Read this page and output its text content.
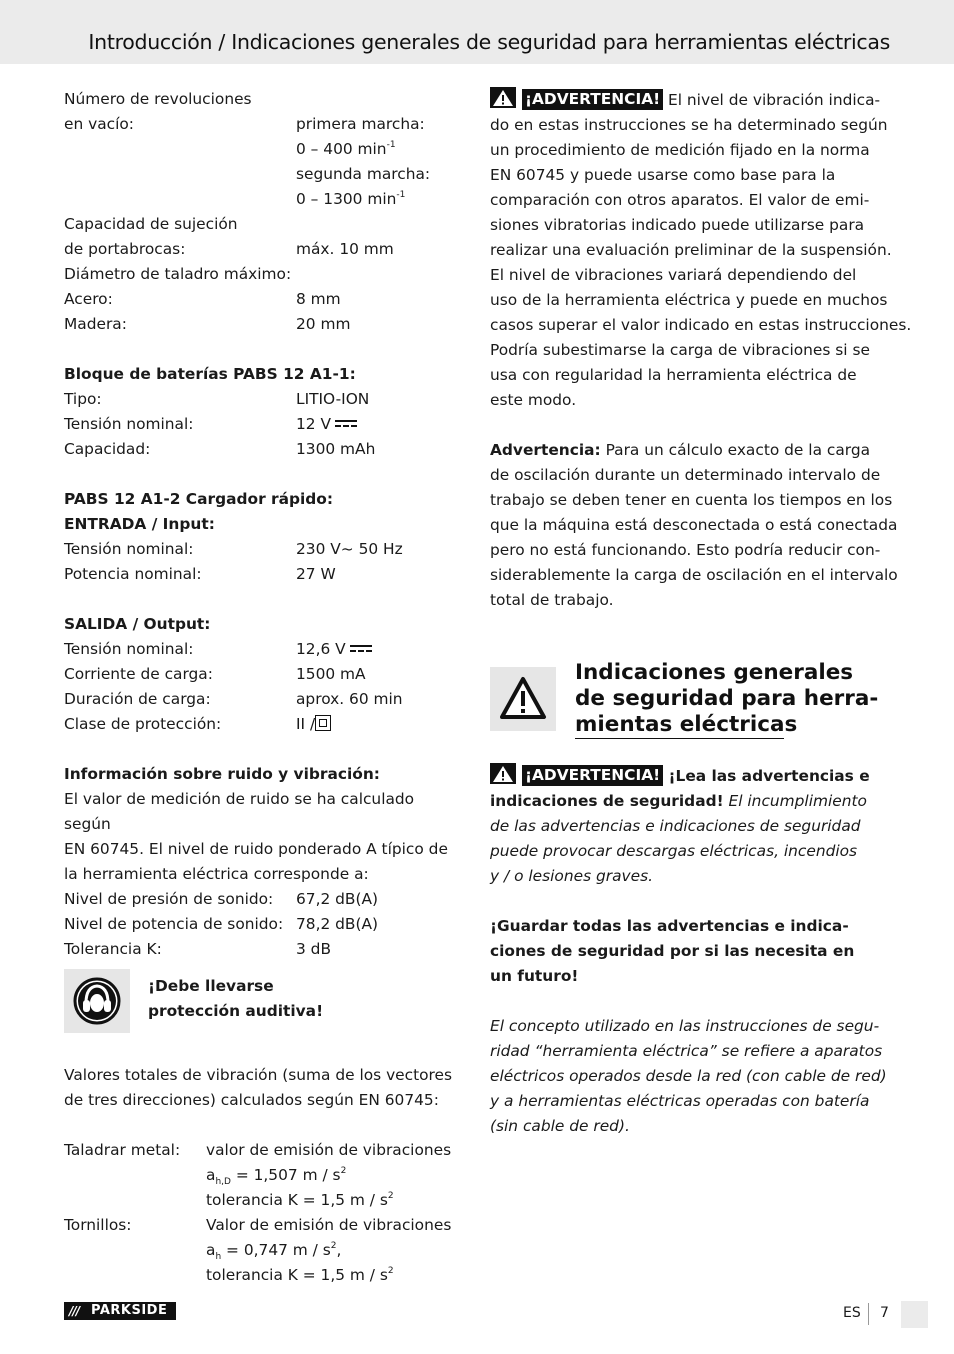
Introducción / Indicaciones generales de seguridad para herramientas eléctricas
Número de revoluciones
en vacío:	primera marcha:
0 – 400 $\min^{-1}$
segunda marcha:
0 – 1300 $\min^{-1}$
Capacidad de sujeción
de portabrocas:	máx. 10 mm
Diámetro de taladro máximo:
Acero:	8 mm
Madera:	20 mm
Bloque de baterías PABS 12 A1-1:
Tipo:	LITIO-ION
Tensión nominal:	12 V
Capacidad:	1300 mAh
PABS 12 A1-2 Cargador rápido:
ENTRADA / Input:
Tensión nominal:	230 V~ 50 Hz
Potencia nominal:	27 W
SALIDA / Output:
Tensión nominal:	12,6 V
Corriente de carga:	1500 mA
Duración de carga:	aprox. 60 min
Clase de protección:	II /
Información sobre ruido y vibración:
El valor de medición de ruido se ha calculado según
EN 60745. El nivel de ruido ponderado A típico de
la herramienta eléctrica corresponde a:
Nivel de presión de sonido: 67,2 dB(A)
Nivel de potencia de sonido: 78,2 dB(A)
Tolerancia K:	3 dB
¡Debe llevarse
protección auditiva!
Valores totales de vibración (suma de los vectores
de tres direcciones) calculados según EN 60745:
Taladrar metal: valor de emisión de vibraciones
$a_{h,D} = 1,507$ m / $s^2$
tolerancia K = 1,5 m / $s^2$
Tornillos:	Valor de emisión de vibraciones
$a_h = 0,747$ m / $s^2$,
tolerancia K = 1,5 m / $s^2$
¡ADVERTENCIA! El nivel de vibración indica-
do en estas instrucciones se ha determinado según
un procedimiento de medición fijado en la norma
EN 60745 y puede usarse como base para la
comparación con otros aparatos. El valor de emi-
siones vibratorias indicado puede utilizarse para
realizar una evaluación preliminar de la suspensión.
El nivel de vibraciones variará dependiendo del
uso de la herramienta eléctrica y puede en muchos
casos superar el valor indicado en estas instrucciones.
Podría subestimarse la carga de vibraciones si se
usa con regularidad la herramienta eléctrica de
este modo.
Advertencia: Para un cálculo exacto de la carga
de oscilación durante un determinado intervalo de
trabajo se deben tener en cuenta los tiempos en los
que la máquina está desconectada o está conectada
pero no está funcionando. Esto podría reducir con-
siderablemente la carga de oscilación en el intervalo
total de trabajo.
Indicaciones generales
de seguridad para herra-
mientas eléctricas
¡ADVERTENCIA! ¡Lea las advertencias e
indicaciones de seguridad! El incumplimiento
de las advertencias e indicaciones de seguridad
puede provocar descargas eléctricas, incendios
y / o lesiones graves.
¡Guardar todas las advertencias e indica-
ciones de seguridad por si las necesita en
un futuro!
El concepto utilizado en las instrucciones de segu-
ridad “herramienta eléctrica” se refiere a aparatos
eléctricos operados desde la red (con cable de red)
y a herramientas eléctricas operadas con batería
(sin cable de red).
/// PARKSIDE	ES 7
